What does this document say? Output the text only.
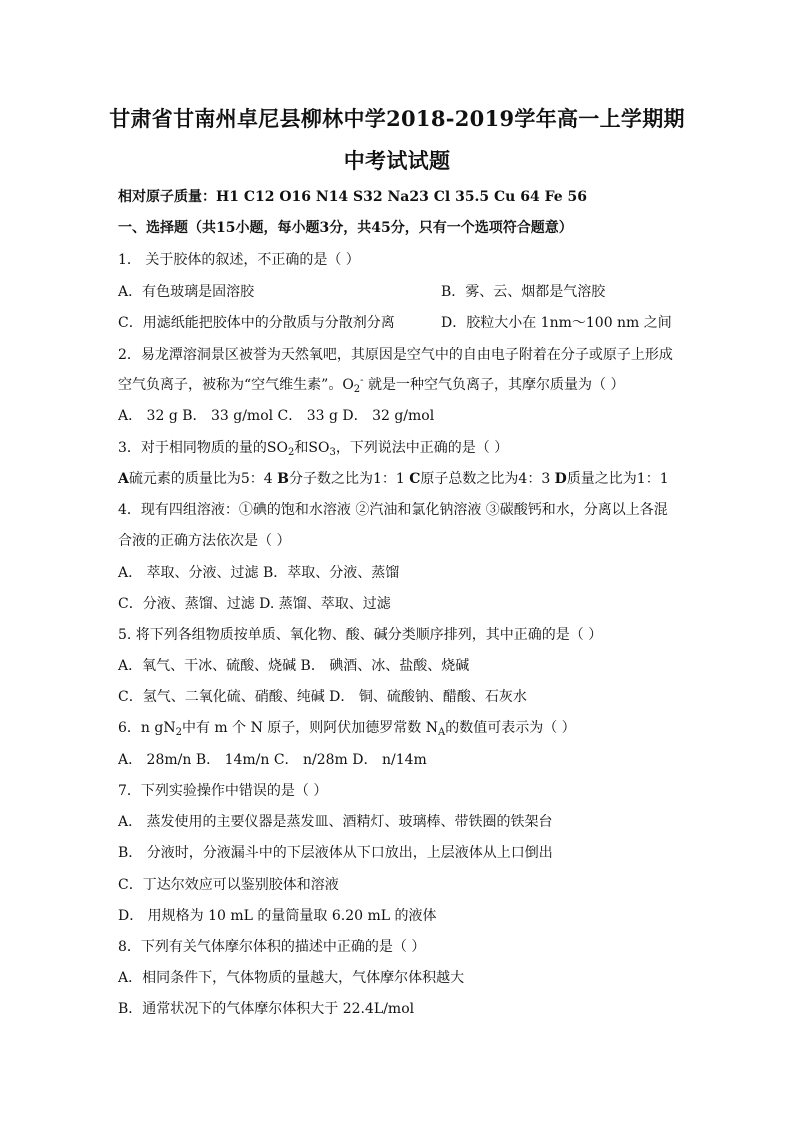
甘肃省甘南州卓尼县柳林中学2018-2019学年高一上学期期
中考试试题
相对原子质量：H1 C12 O16 N14 S32 Na23 Cl 35.5 Cu 64 Fe 56
一、选择题（共15小题，每小题3分，共45分，只有一个选项符合题意）
1． 关于胶体的叙述，不正确的是（ ）
A．有色玻璃是固溶胶	B．雾、云、烟都是气溶胶
C．用滤纸能把胶体中的分散质与分散剂分离	D．胶粒大小在 1nm～100 nm 之间
2．易龙潭溶洞景区被誉为天然氧吧，其原因是空气中的自由电子附着在分子或原子上形成
空气负离子，被称为“空气维生素”。$O_2^-$ 就是一种空气负离子，其摩尔质量为（ ）
A． 32 g B． 33 g/mol C． 33 g D． 32 g/mol
3．对于相同物质的量的$SO_2$和$SO_3$，下列说法中正确的是（ ）
A硫元素的质量比为5：4 B分子数之比为1：1 C原子总数之比为4：3 D质量之比为1：1
4．现有四组溶液：①碘的饱和水溶液 ②汽油和氯化钠溶液 ③碳酸钙和水，分离以上各混
合液的正确方法依次是（ ）
A． 萃取、分液、过滤 B．萃取、分液、蒸馏
C．分液、蒸馏、过滤 D. 蒸馏、萃取、过滤
5. 将下列各组物质按单质、氧化物、酸、碱分类顺序排列，其中正确的是（ ）
A．氧气、干冰、硫酸、烧碱 B． 碘酒、冰、盐酸、烧碱
C．氢气、二氧化硫、硝酸、纯碱 D． 铜、硫酸钠、醋酸、石灰水
6．n $gN_2$中有 m 个 N 原子，则阿伏加德罗常数 $N_A$的数值可表示为（ ）
A． 28m/n B． 14m/n C． n/28m D． n/14m
7．下列实验操作中错误的是（ ）
A． 蒸发使用的主要仪器是蒸发皿、酒精灯、玻璃棒、带铁圈的铁架台
B． 分液时，分液漏斗中的下层液体从下口放出，上层液体从上口倒出
C．丁达尔效应可以鉴别胶体和溶液
D． 用规格为 10 mL 的量筒量取 6.20 mL 的液体
8．下列有关气体摩尔体积的描述中正确的是（ ）
A．相同条件下，气体物质的量越大，气体摩尔体积越大
B．通常状况下的气体摩尔体积大于 22.4L/mol
